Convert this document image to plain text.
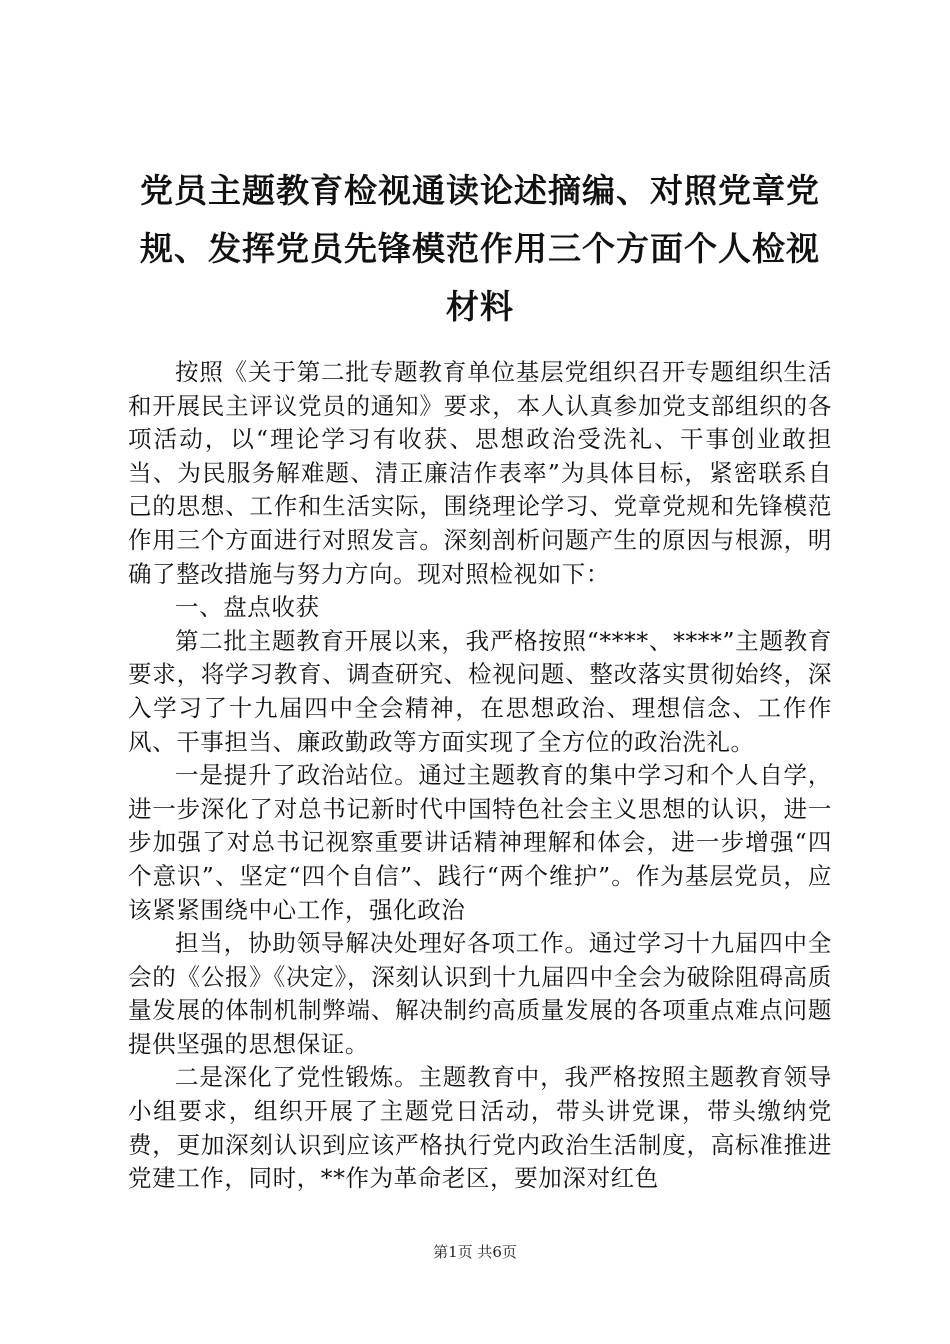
党员主题教育检视通读论述摘编、对照党章党规、发挥党员先锋模范作用三个方面个人检视材料

按照《关于第二批专题教育单位基层党组织召开专题组织生活和开展民主评议党员的通知》要求，本人认真参加党支部组织的各项活动，以“理论学习有收获、思想政治受洗礼、干事创业敢担当、为民服务解难题、清正廉洁作表率”为具体目标，紧密联系自己的思想、工作和生活实际，围绕理论学习、党章党规和先锋模范作用三个方面进行对照发言。深刻剖析问题产生的原因与根源，明确了整改措施与努力方向。现对照检视如下：

一、盘点收获

第二批主题教育开展以来，我严格按照“****、****”主题教育要求，将学习教育、调查研究、检视问题、整改落实贯彻始终，深入学习了十九届四中全会精神，在思想政治、理想信念、工作作风、干事担当、廉政勤政等方面实现了全方位的政治洗礼。

一是提升了政治站位。通过主题教育的集中学习和个人自学，进一步深化了对总书记新时代中国特色社会主义思想的认识，进一步加强了对总书记视察重要讲话精神理解和体会，进一步增强“四个意识”、坚定“四个自信”、践行“两个维护”。作为基层党员，应该紧紧围绕中心工作，强化政治

担当，协助领导解决处理好各项工作。通过学习十九届四中全会的《公报》《决定》，深刻认识到十九届四中全会为破除阻碍高质量发展的体制机制弊端、解决制约高质量发展的各项重点难点问题提供坚强的思想保证。

二是深化了党性锻炼。主题教育中，我严格按照主题教育领导小组要求，组织开展了主题党日活动，带头讲党课，带头缴纳党费，更加深刻认识到应该严格执行党内政治生活制度，高标准推进党建工作，同时，**作为革命老区，要加深对红色

第1页 共6页
